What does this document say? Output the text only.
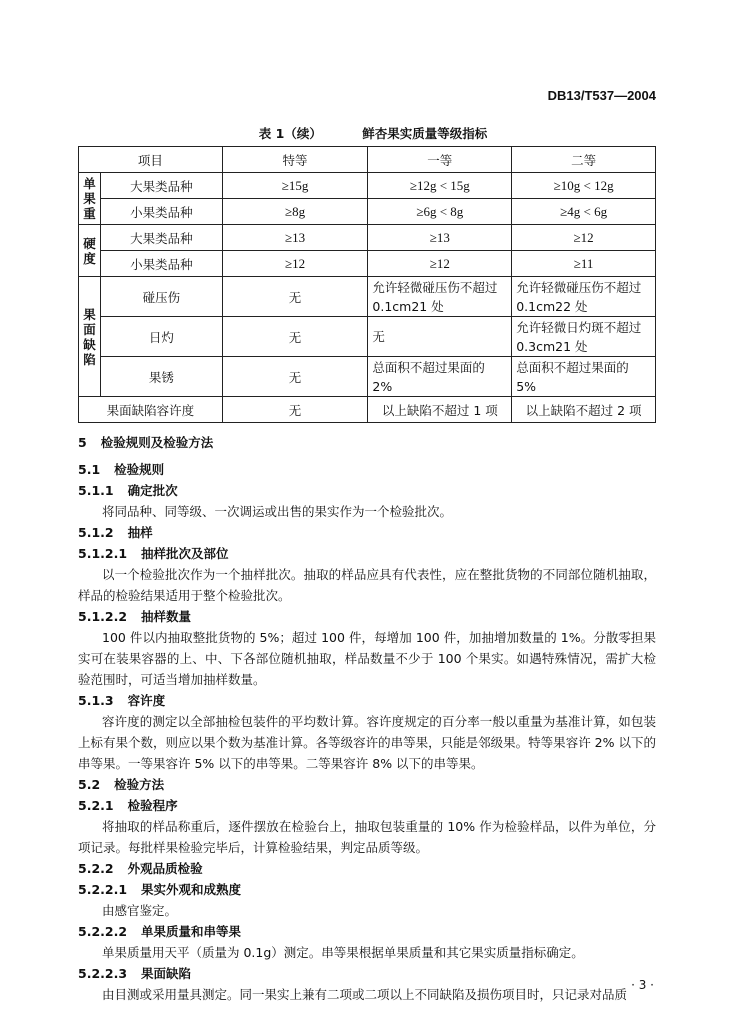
DB13/T537—2004
表 1（续）	鲜杏果实质量等级指标
项目		特等	一等	二等
单果重	大果类品种	≥15g	≥12g < 15g	≥10g < 12g
	小果类品种	≥8g	≥6g < 8g	≥4g < 6g
硬度	大果类品种	≥13	≥13	≥12
	小果类品种	≥12	≥12	≥11
果面缺陷	碰压伤	无	允许轻微碰压伤不超过 0.1cm21 处	允许轻微碰压伤不超过 0.1cm22 处
	日灼	无	无	允许轻微日灼斑不超过 0.3cm21 处
	果锈	无	总面积不超过果面的 2%	总面积不超过果面的 5%
果面缺陷容许度		无	以上缺陷不超过 1 项	以上缺陷不超过 2 项
5 检验规则及检验方法
5.1 检验规则
5.1.1 确定批次
将同品种、同等级、一次调运或出售的果实作为一个检验批次。
5.1.2 抽样
5.1.2.1 抽样批次及部位
以一个检验批次作为一个抽样批次。抽取的样品应具有代表性，应在整批货物的不同部位随机抽取，样品的检验结果适用于整个检验批次。
5.1.2.2 抽样数量
100 件以内抽取整批货物的 5%；超过 100 件，每增加 100 件，加抽增加数量的 1%。分散零担果实可在装果容器的上、中、下各部位随机抽取，样品数量不少于 100 个果实。如遇特殊情况，需扩大检验范围时，可适当增加抽样数量。
5.1.3 容许度
容许度的测定以全部抽检包装件的平均数计算。容许度规定的百分率一般以重量为基准计算，如包装上标有果个数，则应以果个数为基准计算。各等级容许的串等果，只能是邻级果。特等果容许 2% 以下的串等果。一等果容许 5% 以下的串等果。二等果容许 8% 以下的串等果。
5.2 检验方法
5.2.1 检验程序
将抽取的样品称重后，逐件摆放在检验台上，抽取包装重量的 10% 作为检验样品，以件为单位，分项记录。每批样果检验完毕后，计算检验结果，判定品质等级。
5.2.2 外观品质检验
5.2.2.1 果实外观和成熟度
由感官鉴定。
5.2.2.2 单果质量和串等果
单果质量用天平（质量为 0.1g）测定。串等果根据单果质量和其它果实质量指标确定。
5.2.2.3 果面缺陷
由目测或采用量具测定。同一果实上兼有二项或二项以上不同缺陷及损伤项目时，只记录对品质
· 3 ·
